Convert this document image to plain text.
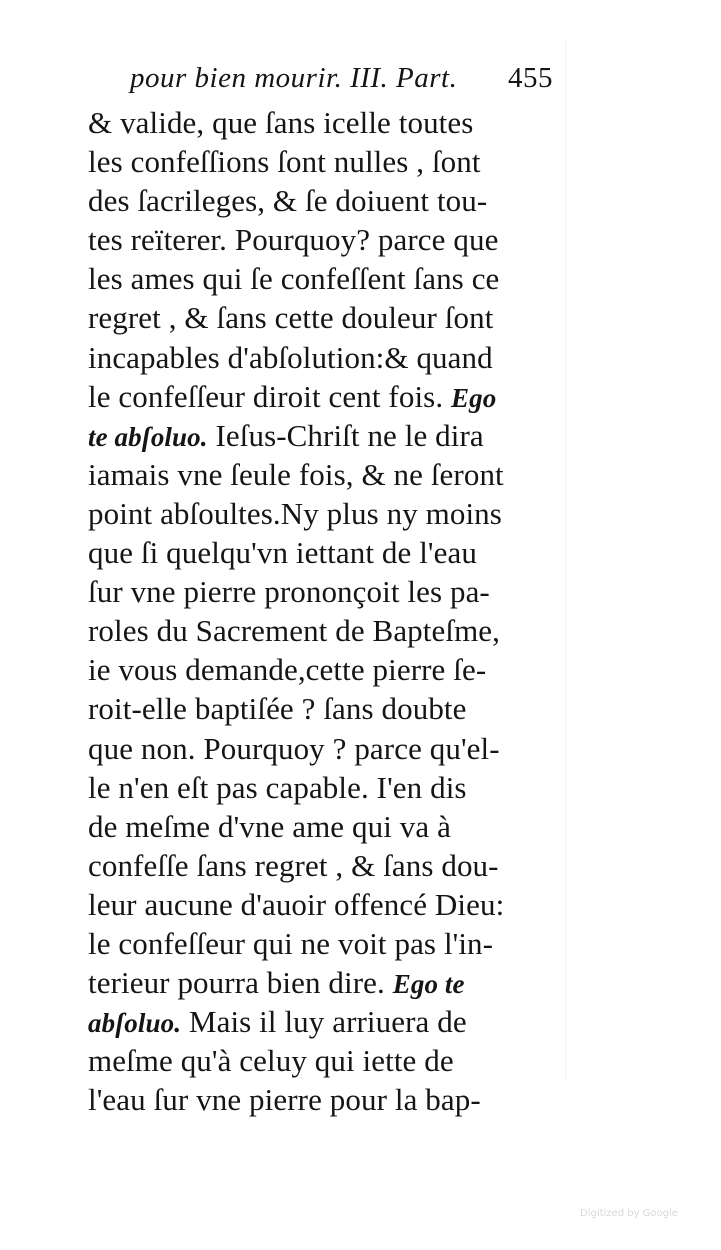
pour bien mourir. III. Part. 455
& valide, que ſans icelle toutes
les confeſſions ſont nulles , ſont
des ſacrileges, & ſe doiuent tou-
tes reïterer. Pourquoy? parce que
les ames qui ſe confeſſent ſans ce
regret , & ſans cette douleur ſont
incapables d'abſolution:& quand
le confeſſeur diroit cent fois. Ego
te abſoluo. Ieſus-Chriſt ne le dira
iamais vne ſeule fois, & ne ſeront
point abſoultes.Ny plus ny moins
que ſi quelqu'vn iettant de l'eau
ſur vne pierre prononçoit les pa-
roles du Sacrement de Bapteſme,
ie vous demande,cette pierre ſe-
roit-elle baptiſée ? ſans doubte
que non. Pourquoy ? parce qu'el-
le n'en eſt pas capable. I'en dis
de meſme d'vne ame qui va à
confeſſe ſans regret , & ſans dou-
leur aucune d'auoir offencé Dieu:
le confeſſeur qui ne voit pas l'in-
terieur pourra bien dire. Ego te
abſoluo. Mais il luy arriuera de
meſme qu'à celuy qui iette de
l'eau ſur vne pierre pour la bap-
Digitized by Google
